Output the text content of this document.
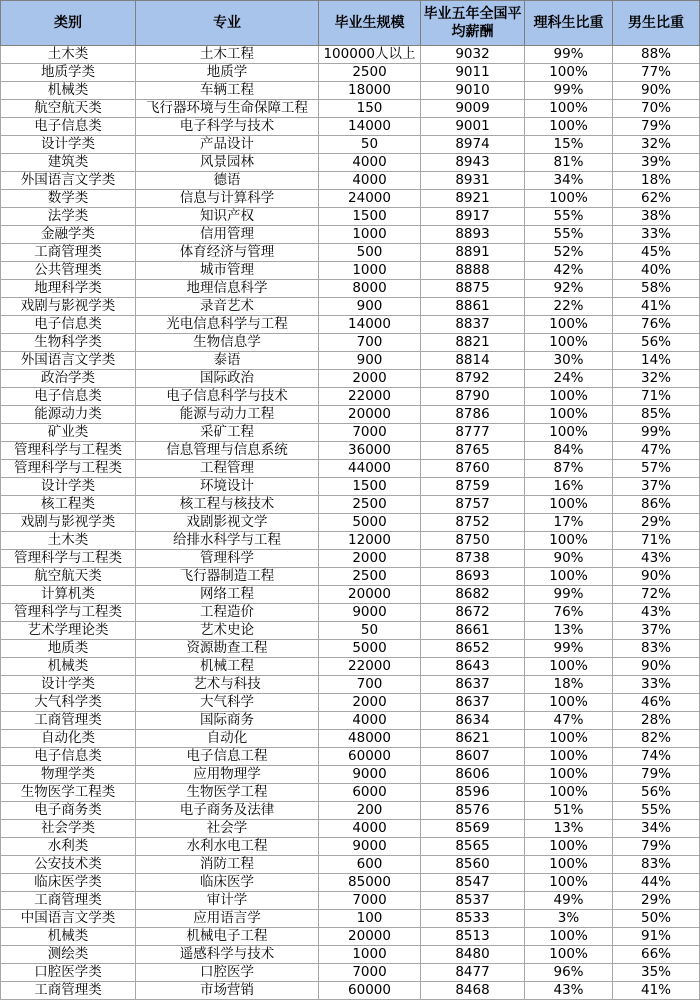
类别	专业	毕业生规模	毕业五年全国平均薪酬	理科生比重	男生比重
土木类	土木工程	100000人以上	9032	99%	88%
地质学类	地质学	2500	9011	100%	77%
机械类	车辆工程	18000	9010	99%	90%
航空航天类	飞行器环境与生命保障工程	150	9009	100%	70%
电子信息类	电子科学与技术	14000	9001	100%	79%
设计学类	产品设计	50	8974	15%	32%
建筑类	风景园林	4000	8943	81%	39%
外国语言文学类	德语	4000	8931	34%	18%
数学类	信息与计算科学	24000	8921	100%	62%
法学类	知识产权	1500	8917	55%	38%
金融学类	信用管理	1000	8893	55%	33%
工商管理类	体育经济与管理	500	8891	52%	45%
公共管理类	城市管理	1000	8888	42%	40%
地理科学类	地理信息科学	8000	8875	92%	58%
戏剧与影视学类	录音艺术	900	8861	22%	41%
电子信息类	光电信息科学与工程	14000	8837	100%	76%
生物科学类	生物信息学	700	8821	100%	56%
外国语言文学类	泰语	900	8814	30%	14%
政治学类	国际政治	2000	8792	24%	32%
电子信息类	电子信息科学与技术	22000	8790	100%	71%
能源动力类	能源与动力工程	20000	8786	100%	85%
矿业类	采矿工程	7000	8777	100%	99%
管理科学与工程类	信息管理与信息系统	36000	8765	84%	47%
管理科学与工程类	工程管理	44000	8760	87%	57%
设计学类	环境设计	1500	8759	16%	37%
核工程类	核工程与核技术	2500	8757	100%	86%
戏剧与影视学类	戏剧影视文学	5000	8752	17%	29%
土木类	给排水科学与工程	12000	8750	100%	71%
管理科学与工程类	管理科学	2000	8738	90%	43%
航空航天类	飞行器制造工程	2500	8693	100%	90%
计算机类	网络工程	20000	8682	99%	72%
管理科学与工程类	工程造价	9000	8672	76%	43%
艺术学理论类	艺术史论	50	8661	13%	37%
地质类	资源勘查工程	5000	8652	99%	83%
机械类	机械工程	22000	8643	100%	90%
设计学类	艺术与科技	700	8637	18%	33%
大气科学类	大气科学	2000	8637	100%	46%
工商管理类	国际商务	4000	8634	47%	28%
自动化类	自动化	48000	8621	100%	82%
电子信息类	电子信息工程	60000	8607	100%	74%
物理学类	应用物理学	9000	8606	100%	79%
生物医学工程类	生物医学工程	6000	8596	100%	56%
电子商务类	电子商务及法律	200	8576	51%	55%
社会学类	社会学	4000	8569	13%	34%
水利类	水利水电工程	9000	8565	100%	79%
公安技术类	消防工程	600	8560	100%	83%
临床医学类	临床医学	85000	8547	100%	44%
工商管理类	审计学	7000	8537	49%	29%
中国语言文学类	应用语言学	100	8533	3%	50%
机械类	机械电子工程	20000	8513	100%	91%
测绘类	遥感科学与技术	1000	8480	100%	66%
口腔医学类	口腔医学	7000	8477	96%	35%
工商管理类	市场营销	60000	8468	43%	41%
